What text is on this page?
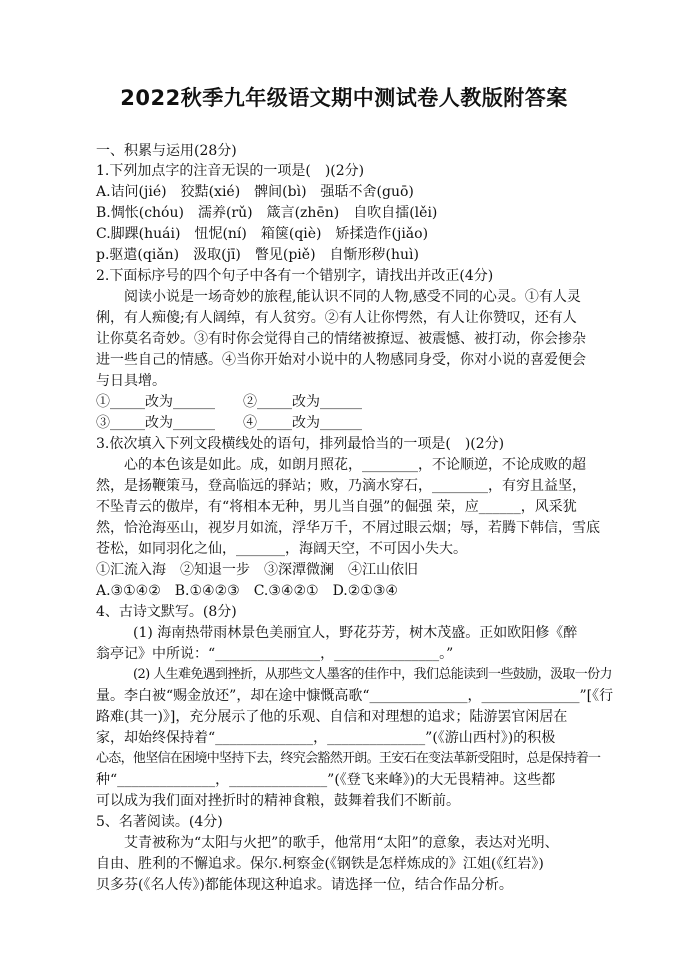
2022秋季九年级语文期中测试卷人教版附答案
一、积累与运用(28分)
1.下列加点字的注音无误的一项是(　)(2分)
A.诘问(jié)　狡黠(xié)　髀间(bì)　强聒不舍(guō)
B.惆怅(chóu)　濡养(rǔ)　箴言(zhēn)　自吹自擂(lěi)
C.脚踝(huái)　忸怩(ní)　箱箧(qiè)　矫揉造作(jiǎo)
p.驱遣(qiǎn)　汲取(jī)　瞥见(piě)　自惭形秽(huì)
2.下面标序号的四个句子中各有一个错别字，请找出并改正(4分)
阅读小说是一场奇妙的旅程,能认识不同的人物,感受不同的心灵。①有人灵
俐，有人痴傻;有人阔绰，有人贫穷。②有人让你愕然，有人让你赞叹，还有人
让你莫名奇妙。③有时你会觉得自己的情绪被撩逗、被震憾、被打动，你会掺杂
进一些自己的情感。④当你开始对小说中的人物感同身受，你对小说的喜爱便会
与日具增。
①_____改为______　　②_____改为______
③_____改为______　　④_____改为______
3.依次填入下列文段横线处的语句，排列最恰当的一项是(　)(2分)
心的本色该是如此。成，如朗月照花，________，不论顺逆，不论成败的超
然，是扬鞭策马，登高临远的驿站；败，乃滴水穿石，________，有穷且益坚，
不坠青云的傲岸，有“将相本无种，男儿当自强”的倔强 荣，应______，风采犹
然，恰沧海巫山，视岁月如流，浮华万千，不屑过眼云烟；辱，若腾下韩信，雪底
苍松，如同羽化之仙，_______，海阔天空，不可因小失大。
①汇流入海　②知退一步　③深潭微澜　④江山依旧
A.③①④②　B.①④②③　C.③④②①　D.②①③④
4、古诗文默写。(8分)
(1) 海南热带雨林景色美丽宜人，野花芬芳，树木茂盛。正如欧阳修《醉
翁亭记》中所说：“_______________，_______________。”
(2) 人生难免遇到挫折，从那些文人墨客的佳作中，我们总能读到一些鼓励，汲取一份力
量。李白被“赐金放还”，却在途中慷慨高歌“______________，______________”[《行
路难(其一)》]，充分展示了他的乐观、自信和对理想的追求；陆游罢官闲居在
家，却始终保持着“______________，______________”(《游山西村》)的积极
心态，他坚信在困境中坚持下去，终究会豁然开朗。王安石在变法革新受阻时，总是保持着一
种“______________，______________”(《登飞来峰》)的大无畏精神。这些都
可以成为我们面对挫折时的精神食粮，鼓舞着我们不断前。
5、名著阅读。(4分)
艾青被称为“太阳与火把”的歌手，他常用“太阳”的意象，表达对光明、
自由、胜利的不懈追求。保尔.柯察金(《钢铁是怎样炼成的》江姐(《红岩》)
贝多芬(《名人传》)都能体现这种追求。请选择一位，结合作品分析。
